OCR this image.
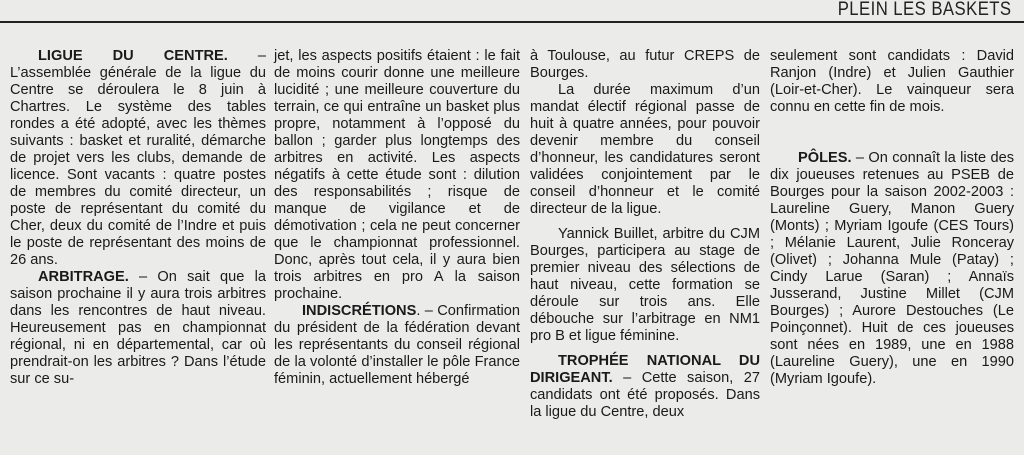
PLEIN LES BASKETS

LIGUE DU CENTRE. – L’assemblée générale de la ligue du Centre se déroulera le 8 juin à Chartres. Le système des tables rondes a été adopté, avec les thèmes suivants : basket et ruralité, démarche de projet vers les clubs, demande de licence. Sont vacants : quatre postes de membres du comité directeur, un poste de représentant du comité du Cher, deux du comité de l’Indre et puis le poste de représentant des moins de 26 ans.

ARBITRAGE. – On sait que la saison prochaine il y aura trois arbitres dans les rencontres de haut niveau. Heureusement pas en championnat régional, ni en départemental, car où prendrait-on les arbitres ? Dans l’étude sur ce su-

jet, les aspects positifs étaient : le fait de moins courir donne une meilleure lucidité ; une meilleure couverture du terrain, ce qui entraîne un basket plus propre, notamment à l’opposé du ballon ; garder plus longtemps des arbitres en activité. Les aspects négatifs à cette étude sont : dilution des responsabilités ; risque de manque de vigilance et de démotivation ; cela ne peut concerner que le championnat professionnel. Donc, après tout cela, il y aura bien trois arbitres en pro A la saison prochaine.

INDISCRÉTIONS. – Confirmation du président de la fédération devant les représentants du conseil régional de la volonté d’installer le pôle France féminin, actuellement hébergé

à Toulouse, au futur CREPS de Bourges.

La durée maximum d’un mandat électif régional passe de huit à quatre années, pour pouvoir devenir membre du conseil d’honneur, les candidatures seront validées conjointement par le conseil d’honneur et le comité directeur de la ligue.

Yannick Buillet, arbitre du CJM Bourges, participera au stage de premier niveau des sélections de haut niveau, cette formation se déroule sur trois ans. Elle débouche sur l’arbitrage en NM1 pro B et ligue féminine.

TROPHÉE NATIONAL DU DIRIGEANT. – Cette saison, 27 candidats ont été proposés. Dans la ligue du Centre, deux

seulement sont candidats : David Ranjon (Indre) et Julien Gauthier (Loir-et-Cher). Le vainqueur sera connu en cette fin de mois.

PÔLES. – On connaît la liste des dix joueuses retenues au PSEB de Bourges pour la saison 2002-2003 : Laureline Guery, Manon Guery (Monts) ; Myriam Igoufe (CES Tours) ; Mélanie Laurent, Julie Ronceray (Olivet) ; Johanna Mule (Patay) ; Cindy Larue (Saran) ; Annaïs Jusserand, Justine Millet (CJM Bourges) ; Aurore Destouches (Le Poinçonnet). Huit de ces joueuses sont nées en 1989, une en 1988 (Laureline Guery), une en 1990 (Myriam Igoufe).
